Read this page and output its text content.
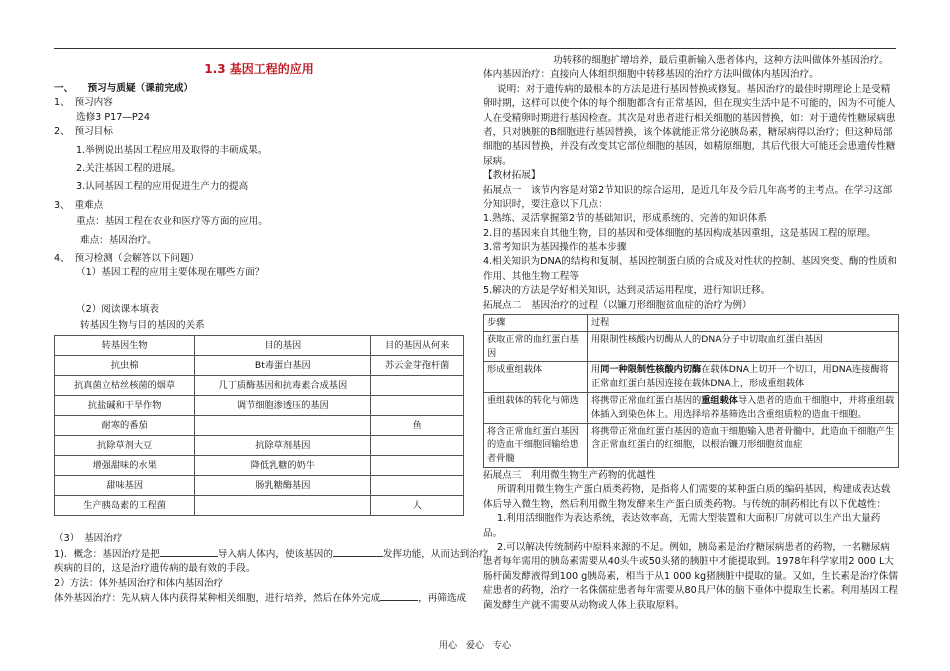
1.3 基因工程的应用

一、　　预习与质疑（课前完成）

1、　预习内容

选修3 P17—P24

2、　预习目标

1.举例说出基因工程应用及取得的丰硕成果。

2.关注基因工程的进展。

3.认同基因工程的应用促进生产力的提高

3、　重难点

重点：基因工程在农业和医疗等方面的应用。

难点：基因治疗。

4、　预习检测（会解答以下问题）

（1）基因工程的应用主要体现在哪些方面？

（2）阅读课本填表

转基因生物与目的基因的关系

转基因生物	目的基因	目的基因从何来
抗虫棉	Bt毒蛋白基因	苏云金芽孢杆菌
抗真菌立枯丝核菌的烟草	几丁质酶基因和抗毒素合成基因	
抗盐碱和干旱作物	调节细胞渗透压的基因	
耐寒的番茄		鱼
抗除草剂大豆	抗除草剂基因	
增强甜味的水果	降低乳糖的奶牛	
甜味基因	肠乳糖酶基因	
生产胰岛素的工程菌		人

（3）　基因治疗

1)．概念：基因治疗是把	导入病人体内，使该基因的	发挥功能，从而达到治疗

疾病的目的，这是治疗遗传病的最有效的手段。

2）方法：体外基因治疗和体内基因治疗

体外基因治疗：先从病人体内获得某种相关细胞，进行培养，然后在体外完成	，再筛选成

功转移的细胞扩增培养，最后重新输入患者体内，这种方法叫做体外基因治疗。

体内基因治疗：直接向人体组织细胞中转移基因的治疗方法叫做体内基因治疗。

说明：对于遗传病的最根本的方法是进行基因替换或修复。基因治疗的最佳时期理论上是受精卵时期，这样可以使个体的每个细胞都含有正常基因，但在现实生活中是不可能的，因为不可能人人在受精卵时期进行基因检查。其次是对患者进行相关细胞的基因替换，如：对于遗传性糖尿病患者，只对胰脏的B细胞进行基因替换，该个体就能正常分泌胰岛素，糖尿病得以治疗；但这种局部细胞的基因替换，并没有改变其它部位细胞的基因，如精原细胞，其后代很大可能还会患遗传性糖尿病。

【教材拓展】

拓展点一　该节内容是对第2节知识的综合运用，是近几年及今后几年高考的主考点。在学习这部分知识时，要注意以下几点：

1.熟练、灵活掌握第2节的基础知识，形成系统的、完善的知识体系

2.目的基因来自其他生物，目的基因和受体细胞的基因构成基因重组，这是基因工程的原理。

3.常考知识为基因操作的基本步骤

4.相关知识为DNA的结构和复制、基因控制蛋白质的合成及对性状的控制、基因突变、酶的性质和作用、其他生物工程等

5.解决的方法是学好相关知识，达到灵活运用程度，进行知识迁移。

拓展点二　基因治疗的过程（以镰刀形细胞贫血症的治疗为例）

步骤	过程
获取正常的血红蛋白基因	用限制性核酸内切酶从人的DNA分子中切取血红蛋白基因
形成重组载体	用同一种限制性核酸内切酶在载体DNA上切开一个切口，用DNA连接酶将正常血红蛋白基因连接在载体DNA上，形成重组载体
重组载体的转化与筛选	将携带正常血红蛋白基因的重组载体导入患者的造血干细胞中，并将重组载体插入到染色体上。用选择培养基筛选出含重组质粒的造血干细胞。
将含正常血红蛋白基因的造血干细胞回输给患者骨髓	将携带正常血红蛋白基因的造血干细胞输入患者骨髓中，此造血干细胞产生含正常血红蛋白的红细胞，以根治镰刀形细胞贫血症

拓展点三　利用微生物生产药物的优越性

所谓利用微生物生产蛋白质类药物，是指将人们需要的某种蛋白质的编码基因，构建成表达载体后导入微生物，然后利用微生物发酵来生产蛋白质类药物。与传统的制药相比有以下优越性：

1.利用活细胞作为表达系统，表达效率高，无需大型装置和大面积厂房就可以生产出大量药品。

2.可以解决传统制药中原料来源的不足。例如，胰岛素是治疗糖尿病患者的药物，一名糖尿病患者每年需用的胰岛素需要从40头牛或50头猪的胰脏中才能提取到。1978年科学家用2 000 L大肠杆菌发酵液得到100 g胰岛素，相当于从1 000 kg猪胰脏中提取的量。又如，生长素是治疗侏儒症患者的药物，治疗一名侏儒症患者每年需要从80具尸体的脑下垂体中提取生长素。利用基因工程菌发酵生产就不需要从动物或人体上获取原料。

用心　爱心　专心
